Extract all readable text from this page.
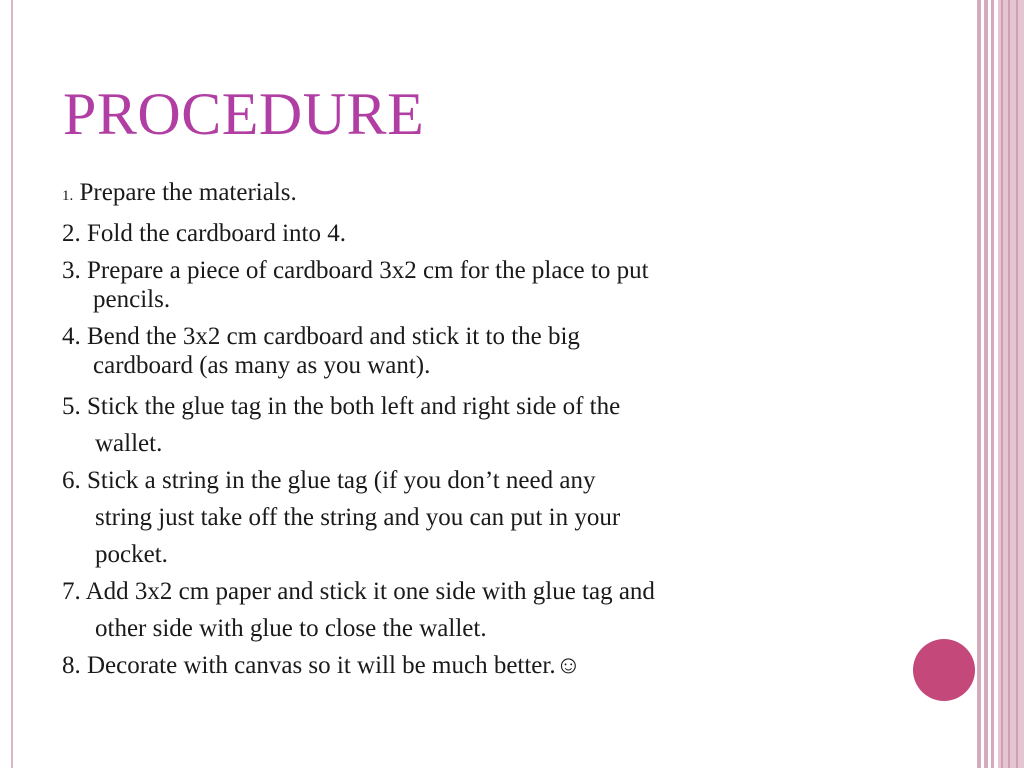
PROCEDURE
1. Prepare the materials.
2. Fold the cardboard into 4.
3. Prepare a piece of cardboard 3x2 cm for the place to put
pencils.
4. Bend the 3x2 cm cardboard and stick it to the big
cardboard (as many as you want).
5. Stick the glue tag in the both left and right side of the
wallet.
6. Stick a string in the glue tag (if you don’t need any
string just take off the string and you can put in your
pocket.
7. Add 3x2 cm paper and stick it one side with glue tag and
other side with glue to close the wallet.
8. Decorate with canvas so it will be much better.☺
